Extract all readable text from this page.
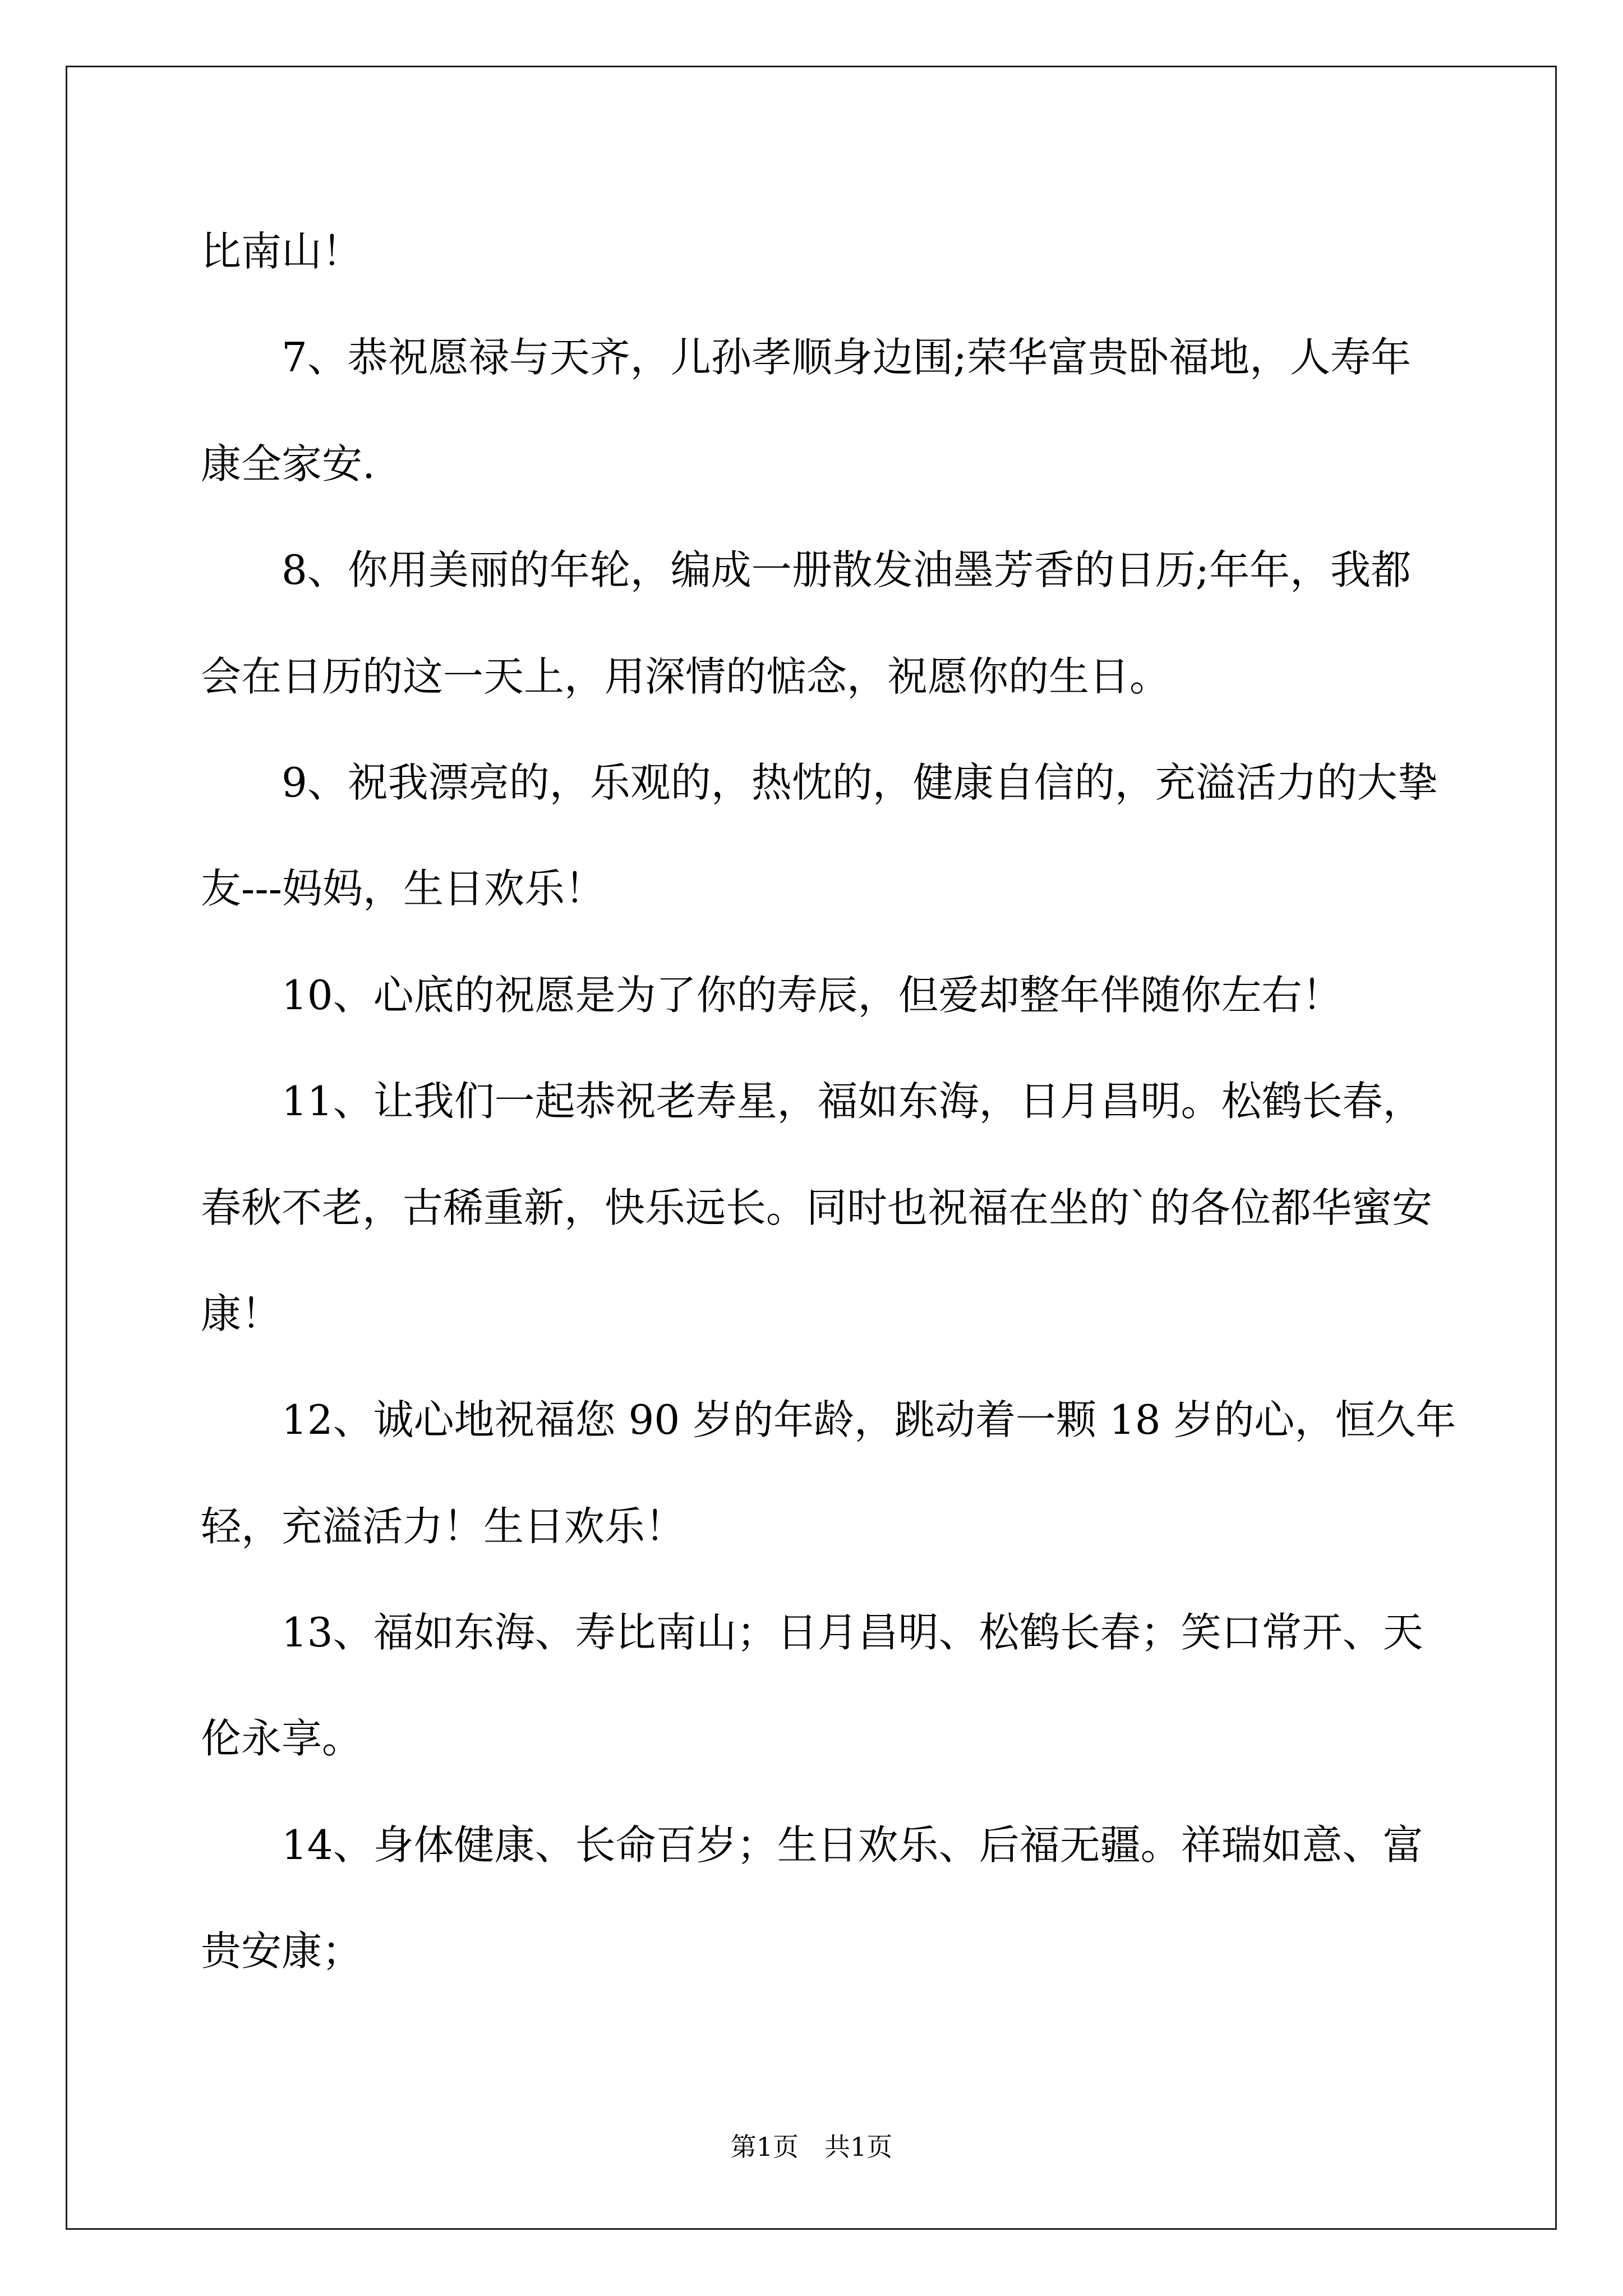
比南山！
7、恭祝愿禄与天齐，儿孙孝顺身边围;荣华富贵卧福地，人寿年
康全家安.
8、你用美丽的年轮，编成一册散发油墨芳香的日历;年年，我都
会在日历的这一天上，用深情的惦念，祝愿你的生日。
9、祝我漂亮的，乐观的，热忱的，健康自信的，充溢活力的大挚
友---妈妈，生日欢乐！
10、心底的祝愿是为了你的寿辰，但爱却整年伴随你左右！
11、让我们一起恭祝老寿星，福如东海，日月昌明。松鹤长春，
春秋不老，古稀重新，快乐远长。同时也祝福在坐的`的各位都华蜜安
康！
12、诚心地祝福您 90 岁的年龄，跳动着一颗 18 岁的心，恒久年
轻，充溢活力！生日欢乐！
13、福如东海、寿比南山；日月昌明、松鹤长春；笑口常开、天
伦永享。
14、身体健康、长命百岁；生日欢乐、后福无疆。祥瑞如意、富
贵安康；
第1页　共1页
